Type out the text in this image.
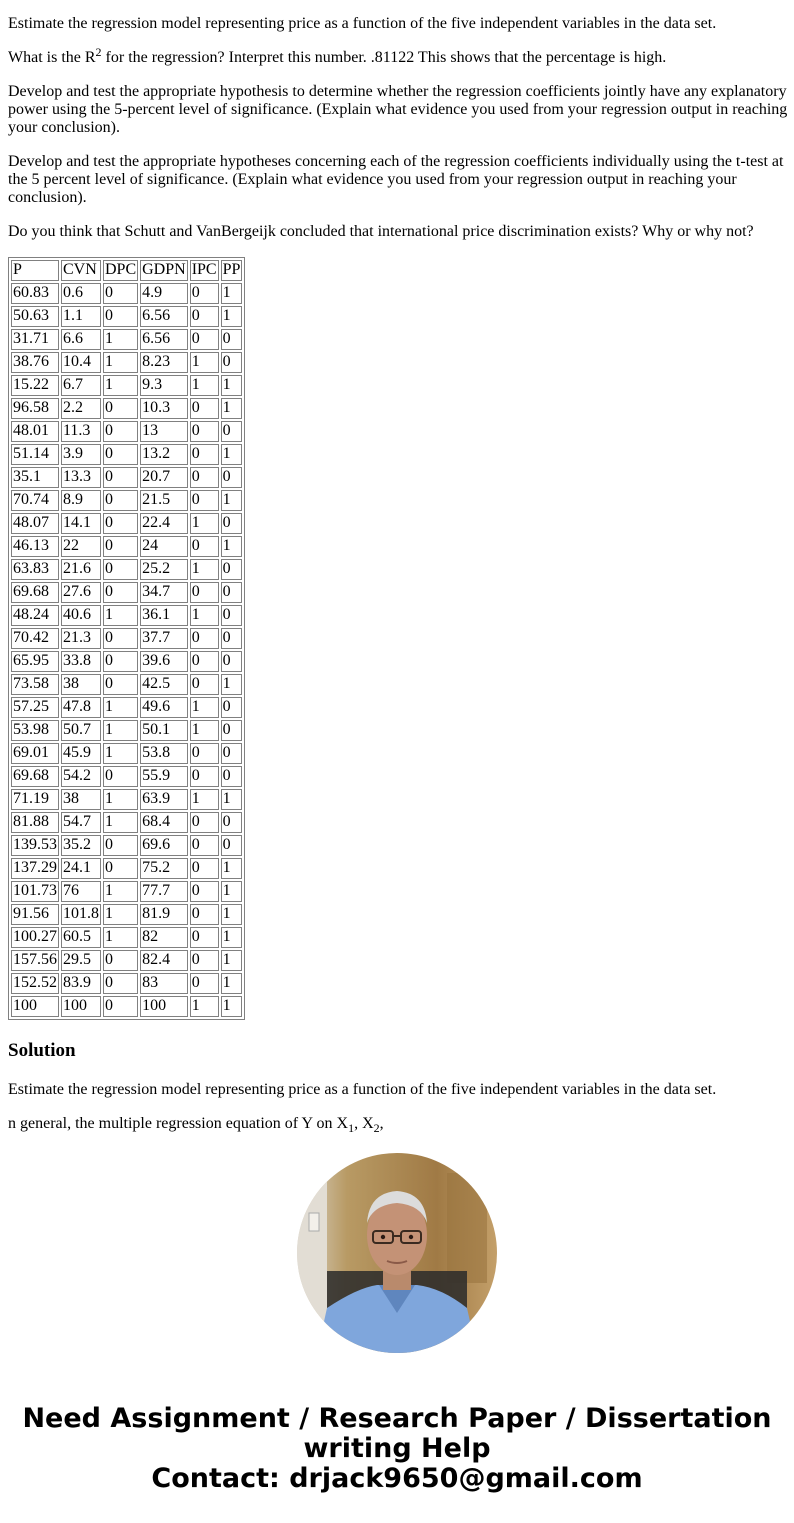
Estimate the regression model representing price as a function of the five independent variables in the data set.

What is the $R^2$ for the regression? Interpret this number. .81122 This shows that the percentage is high.

Develop and test the appropriate hypothesis to determine whether the regression coefficients jointly have any explanatory power using the 5-percent level of significance. (Explain what evidence you used from your regression output in reaching your conclusion).

Develop and test the appropriate hypotheses concerning each of the regression coefficients individually using the t-test at the 5 percent level of significance. (Explain what evidence you used from your regression output in reaching your conclusion).

Do you think that Schutt and VanBergeijk concluded that international price discrimination exists? Why or why not?

P	CVN	DPC	GDPN	IPC	PP
60.83	0.6	0	4.9	0	1
50.63	1.1	0	6.56	0	1
31.71	6.6	1	6.56	0	0
38.76	10.4	1	8.23	1	0
15.22	6.7	1	9.3	1	1
96.58	2.2	0	10.3	0	1
48.01	11.3	0	13	0	0
51.14	3.9	0	13.2	0	1
35.1	13.3	0	20.7	0	0
70.74	8.9	0	21.5	0	1
48.07	14.1	0	22.4	1	0
46.13	22	0	24	0	1
63.83	21.6	0	25.2	1	0
69.68	27.6	0	34.7	0	0
48.24	40.6	1	36.1	1	0
70.42	21.3	0	37.7	0	0
65.95	33.8	0	39.6	0	0
73.58	38	0	42.5	0	1
57.25	47.8	1	49.6	1	0
53.98	50.7	1	50.1	1	0
69.01	45.9	1	53.8	0	0
69.68	54.2	0	55.9	0	0
71.19	38	1	63.9	1	1
81.88	54.7	1	68.4	0	0
139.53	35.2	0	69.6	0	0
137.29	24.1	0	75.2	0	1
101.73	76	1	77.7	0	1
91.56	101.8	1	81.9	0	1
100.27	60.5	1	82	0	1
157.56	29.5	0	82.4	0	1
152.52	83.9	0	83	0	1
100	100	0	100	1	1
Solution

Estimate the regression model representing price as a function of the five independent variables in the data set.

n general, the multiple regression equation of Y on $X_1$, $X_2$,

Need Assignment / Research Paper / Dissertation
writing Help
Contact: drjack9650@gmail.com
